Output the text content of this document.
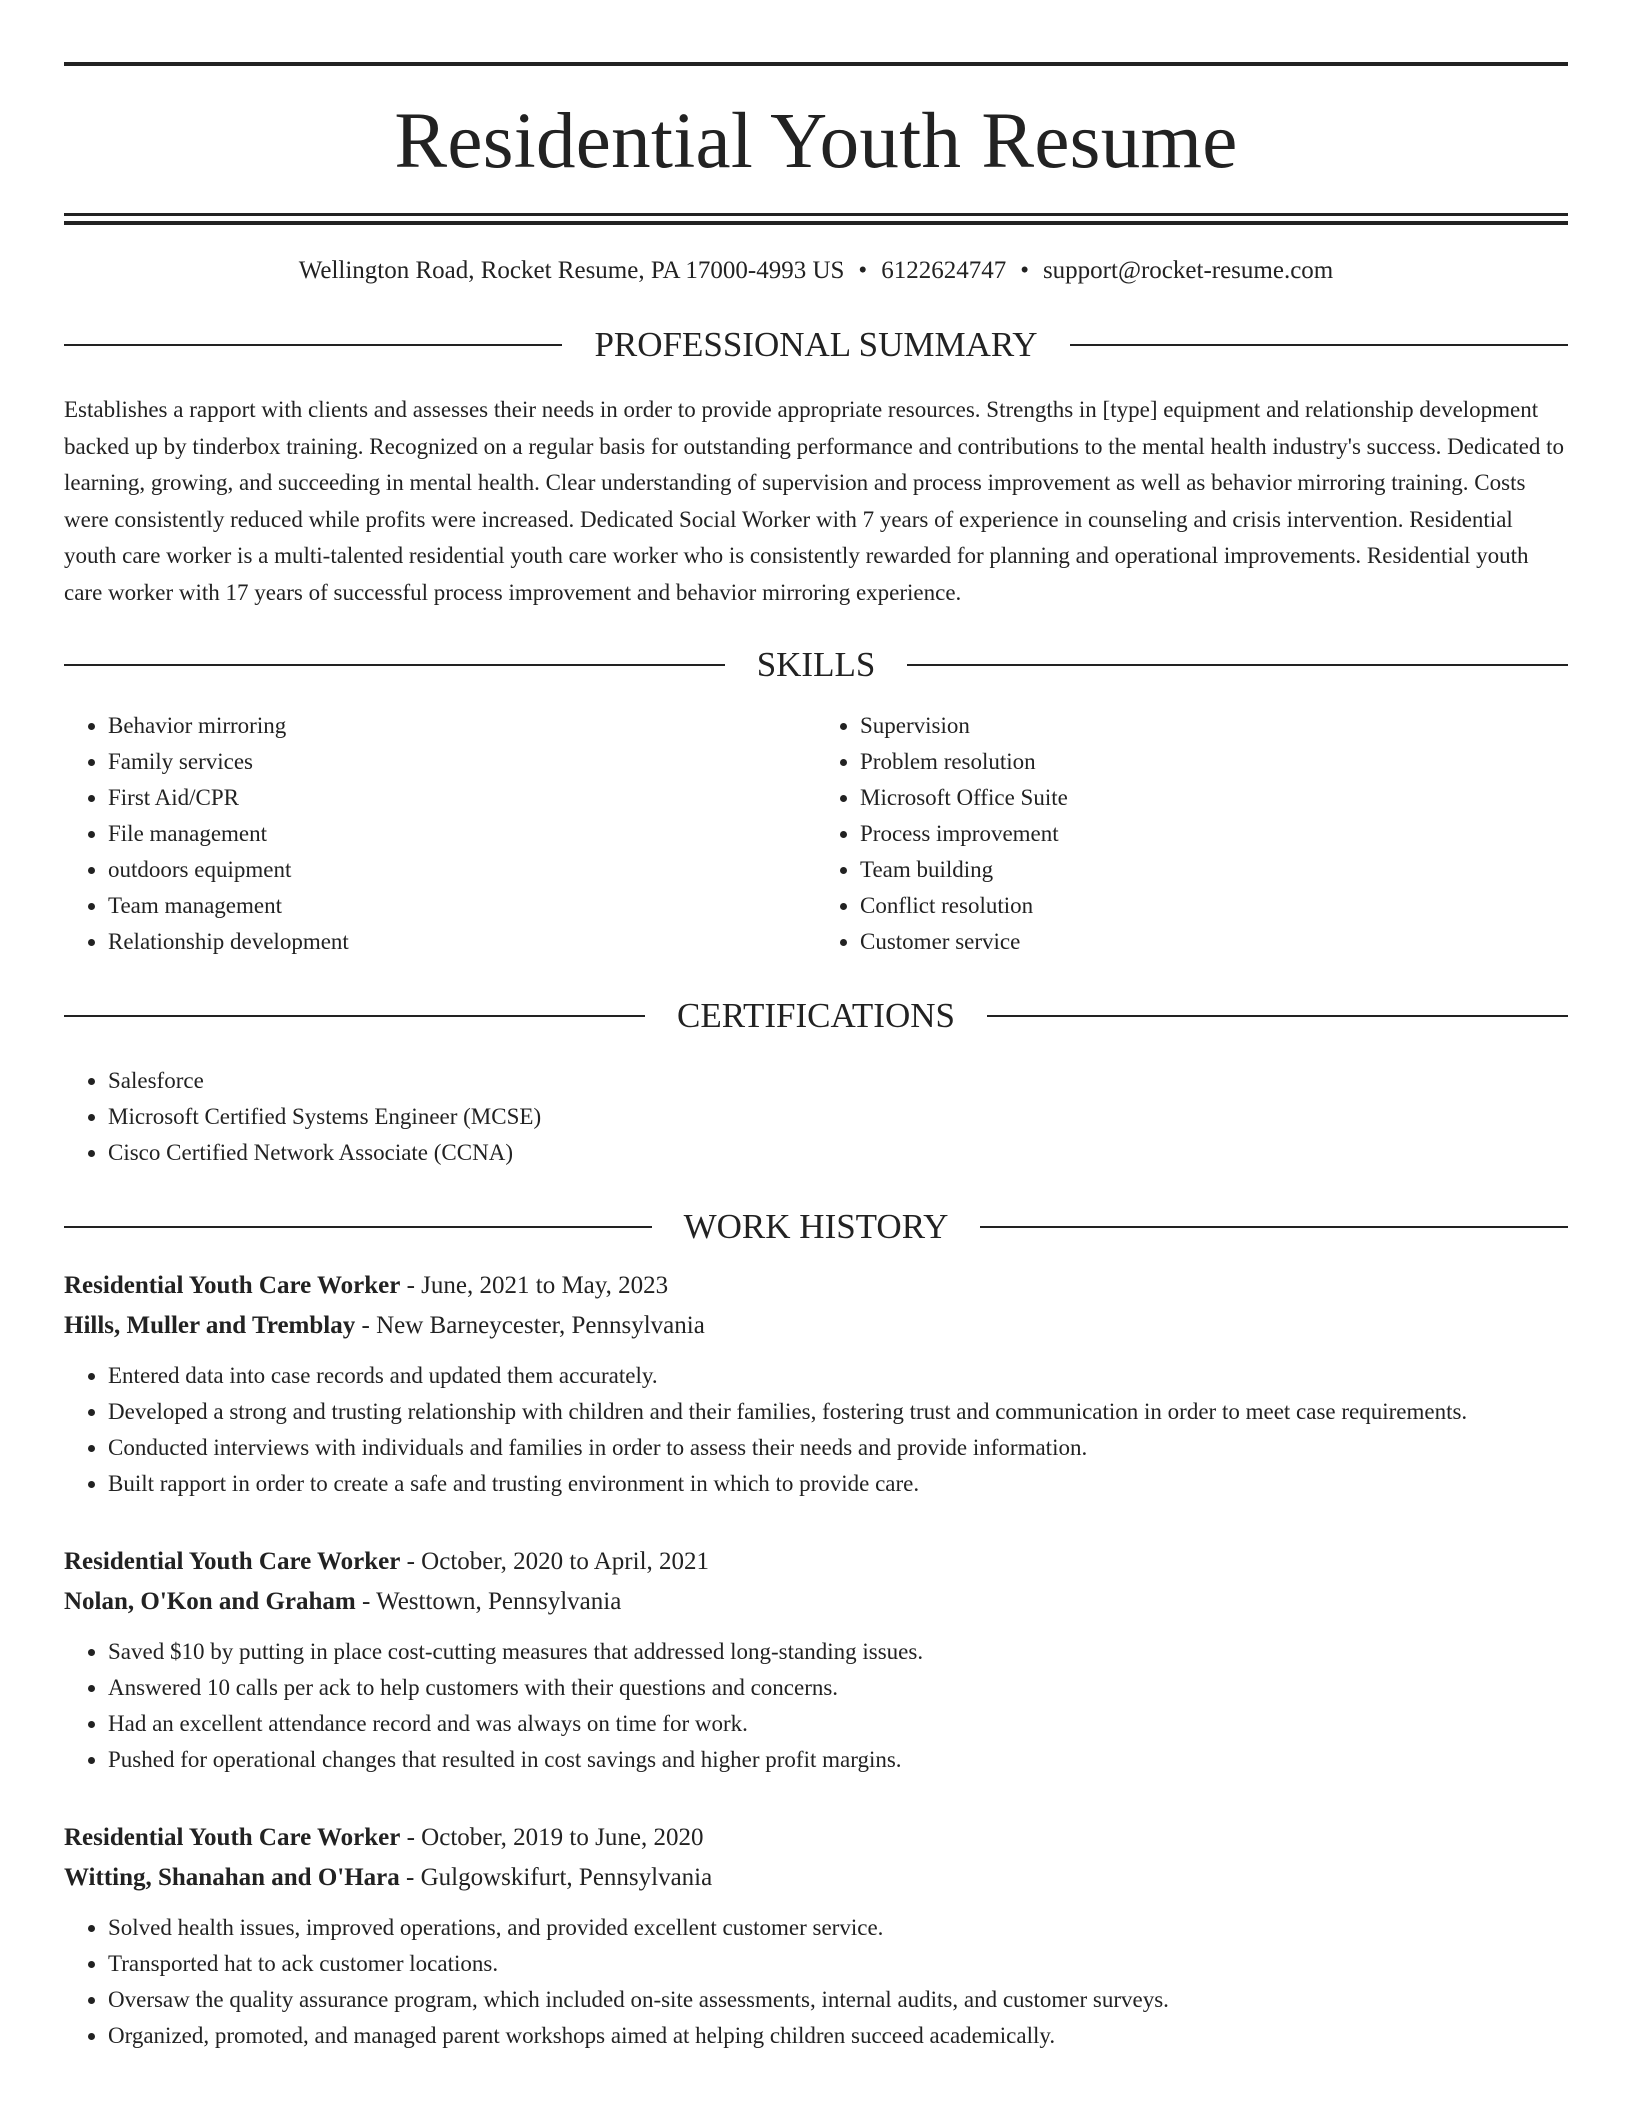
Residential Youth Resume
Wellington Road, Rocket Resume, PA 17000-4993 US • 6122624747 • support@rocket-resume.com
PROFESSIONAL SUMMARY
Establishes a rapport with clients and assesses their needs in order to provide appropriate resources. Strengths in [type] equipment and relationship development backed up by tinderbox training. Recognized on a regular basis for outstanding performance and contributions to the mental health industry's success. Dedicated to learning, growing, and succeeding in mental health. Clear understanding of supervision and process improvement as well as behavior mirroring training. Costs were consistently reduced while profits were increased. Dedicated Social Worker with 7 years of experience in counseling and crisis intervention. Residential youth care worker is a multi-talented residential youth care worker who is consistently rewarded for planning and operational improvements. Residential youth care worker with 17 years of successful process improvement and behavior mirroring experience.
SKILLS
• Behavior mirroring
• Family services
• First Aid/CPR
• File management
• outdoors equipment
• Team management
• Relationship development
• Supervision
• Problem resolution
• Microsoft Office Suite
• Process improvement
• Team building
• Conflict resolution
• Customer service
CERTIFICATIONS
• Salesforce
• Microsoft Certified Systems Engineer (MCSE)
• Cisco Certified Network Associate (CCNA)
WORK HISTORY
Residential Youth Care Worker - June, 2021 to May, 2023
Hills, Muller and Tremblay - New Barneycester, Pennsylvania
• Entered data into case records and updated them accurately.
• Developed a strong and trusting relationship with children and their families, fostering trust and communication in order to meet case requirements.
• Conducted interviews with individuals and families in order to assess their needs and provide information.
• Built rapport in order to create a safe and trusting environment in which to provide care.
Residential Youth Care Worker - October, 2020 to April, 2021
Nolan, O'Kon and Graham - Westtown, Pennsylvania
• Saved $10 by putting in place cost-cutting measures that addressed long-standing issues.
• Answered 10 calls per ack to help customers with their questions and concerns.
• Had an excellent attendance record and was always on time for work.
• Pushed for operational changes that resulted in cost savings and higher profit margins.
Residential Youth Care Worker - October, 2019 to June, 2020
Witting, Shanahan and O'Hara - Gulgowskifurt, Pennsylvania
• Solved health issues, improved operations, and provided excellent customer service.
• Transported hat to ack customer locations.
• Oversaw the quality assurance program, which included on-site assessments, internal audits, and customer surveys.
• Organized, promoted, and managed parent workshops aimed at helping children succeed academically.
